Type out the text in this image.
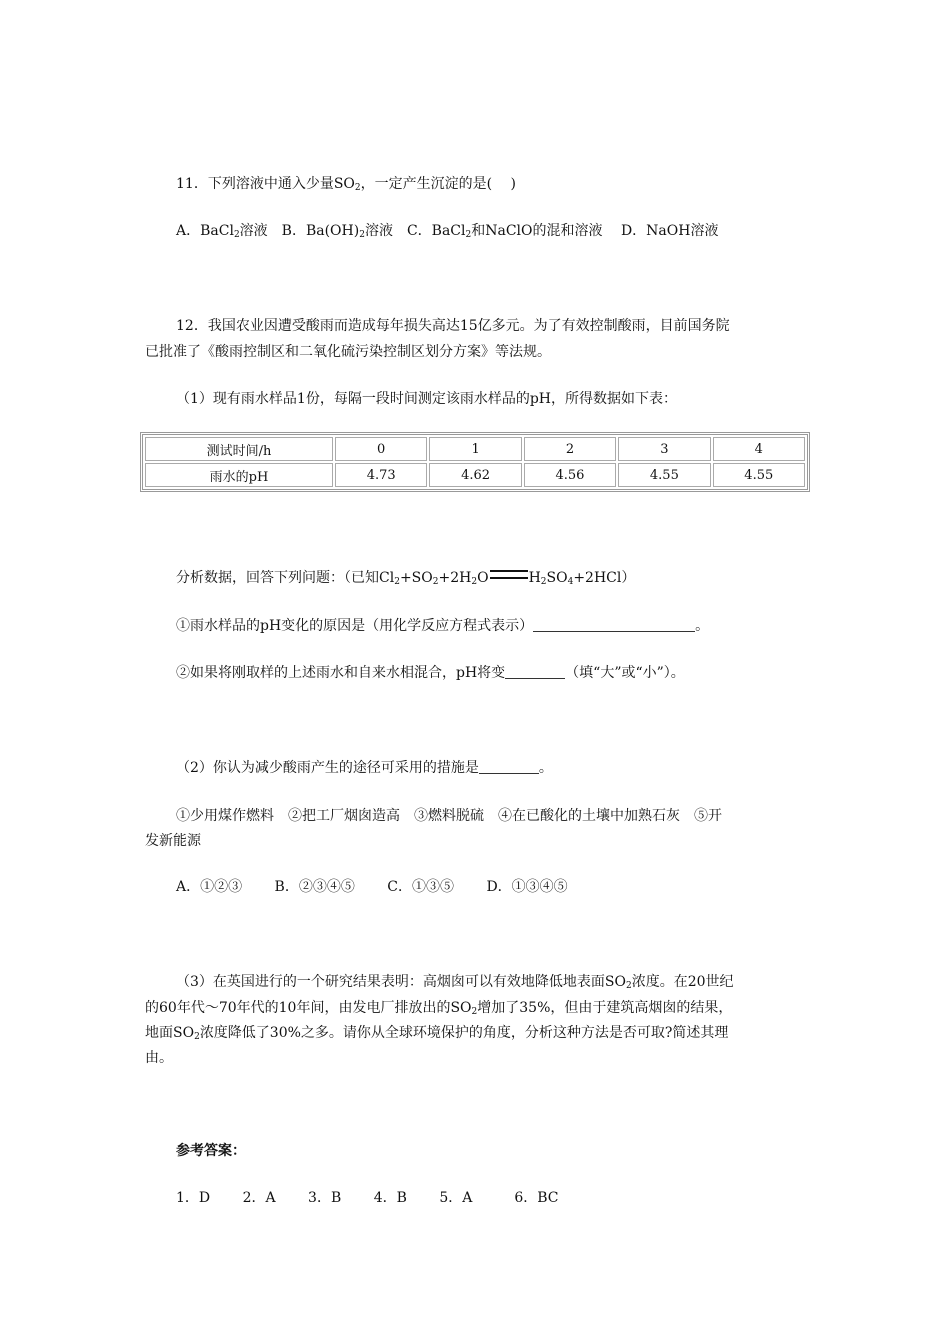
11．下列溶液中通入少量$SO_2$，一定产生沉淀的是(　 )
A．BaCl$_2$溶液　B．$Ba(OH)_2$溶液　C．BaCl$_2$和NaClO的混和溶液　 D．NaOH溶液
12．我国农业因遭受酸雨而造成每年损失高达15亿多元。为了有效控制酸雨，目前国务院
已批准了《酸雨控制区和二氧化硫污染控制区划分方案》等法规。
（1）现有雨水样品1份，每隔一段时间测定该雨水样品的pH，所得数据如下表：
测试时间/h	0	1	2	3	4
雨水的pH	4.73	4.62	4.56	4.55	4.55
分析数据，回答下列问题：（已知$Cl_2+SO_2+2H_2O$	$H_2SO_4+2HCl$）
①雨水样品的pH变化的原因是（用化学反应方程式表示）	。
②如果将刚取样的上述雨水和自来水相混合，pH将变	（填“大”或“小”）。
（2）你认为减少酸雨产生的途径可采用的措施是	。
①少用煤作燃料　②把工厂烟囱造高　③燃料脱硫　④在已酸化的土壤中加熟石灰　⑤开
发新能源
A．①②③　　 B．②③④⑤　　 C．①③⑤　　 D．①③④⑤
（3）在英国进行的一个研究结果表明：高烟囱可以有效地降低地表面$SO_2$浓度。在20世纪
的60年代～70年代的10年间，由发电厂排放出的$SO_2$增加了35%，但由于建筑高烟囱的结果，
地面$SO_2$浓度降低了30%之多。请你从全球环境保护的角度，分析这种方法是否可取?简述其理
由。
参考答案：
1．D　　 2．A　　 3．B　　 4．B　　 5．A　　　6．BC
